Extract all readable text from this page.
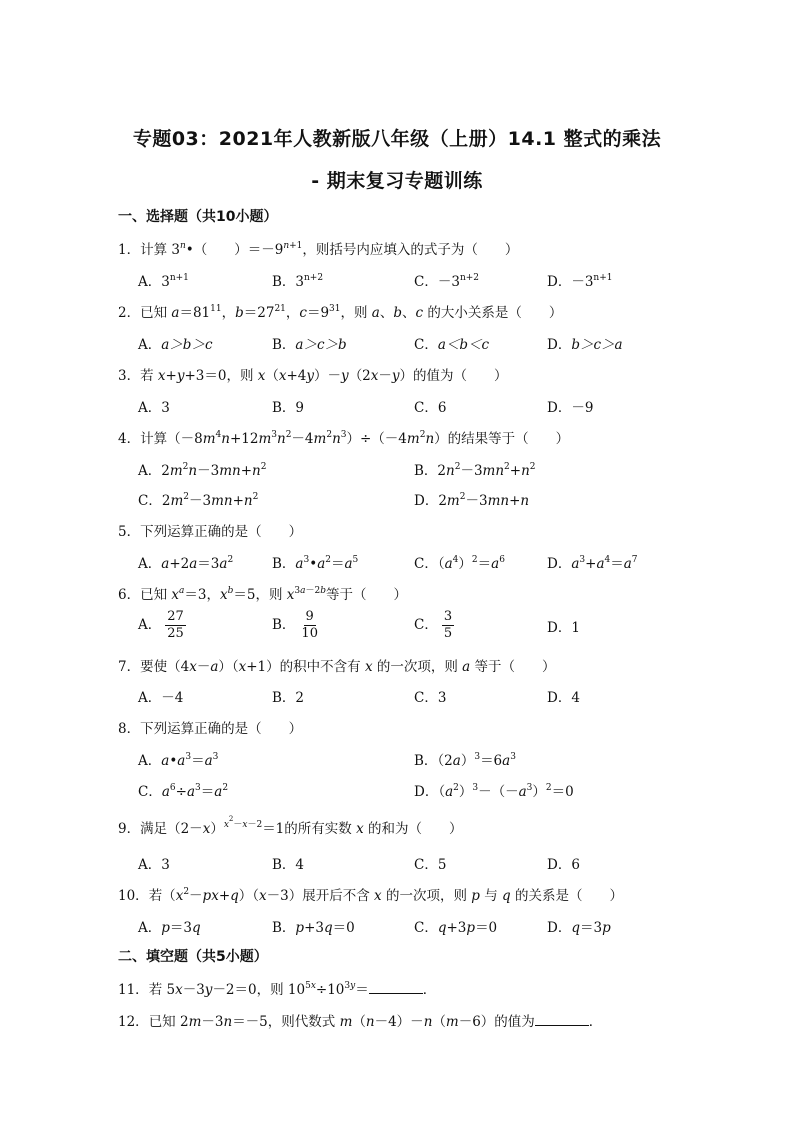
专题03：2021年人教新版八年级（上册）14.1 整式的乘法
- 期末复习专题训练
一、选择题（共10小题）
1．计算 3$^n$•（　　）$=-9^{n+1}$，则括号内应填入的式子为（　　）
A．$3^{n+1}$	B．$3^{n+2}$	C．$-3^{n+2}$	D．$-3^{n+1}$
2．已知 $a=81^{11}$，$b=27^{21}$，$c=9^{31}$，则 a、b、c 的大小关系是（　　）
A．a＞b＞c	B．a＞c＞b	C．a＜b＜c	D．b＞c＞a
3．若 x+y+3＝0，则 x（x+4y）－y（2x－y）的值为（　　）
A．3	B．9	C．6	D．－9
4．计算$(-8m^4n+12m^3n^2-4m^2n^3)\div(-4m^2n)$的结果等于（　　）
A．$2m^2n-3mn+n^2$	B．$2n^2-3mn^2+n^2$
C．$2m^2-3mn+n^2$	D．$2m^2-3mn+n$
5．下列运算正确的是（　　）
A．$a+2a=3a^2$	B．$a^3•a^2=a^5$	C．$(a^4)^2=a^6$	D．$a^3+a^4=a^7$
6．已知 $x^a=3$，$x^b=5$，则 $x^{3a-2b}$等于（　　）
A． $\frac{27}{25}$	B． $\frac{9}{10}$	C． $\frac{3}{5}$	D．1
7．要使（4x－a）（x+1）的积中不含有 x 的一次项，则 a 等于（　　）
A．－4	B．2	C．3	D．4
8．下列运算正确的是（　　）
A．$a•a^3=a^3$	B．$(2a)^3=6a^3$
C．$a^6\div a^3=a^2$	D．$(a^2)^3-(-a^3)^2=0$
9．满足$(2-x)^{x^2-x-2}=1$的所有实数 x 的和为（　　）
A．3	B．4	C．5	D．6
10．若$(x^2-px+q)(x-3)$展开后不含 x 的一次项，则 p 与 q 的关系是（　　）
A．p＝3q	B．p+3q＝0	C．q+3p＝0	D．q＝3p
二、填空题（共5小题）
11．若 5x－3y－2＝0，则 $10^{5x}\div 10^{3y}=$	．
12．已知 2m－3n＝－5，则代数式 m（n－4）－n（m－6）的值为	．
